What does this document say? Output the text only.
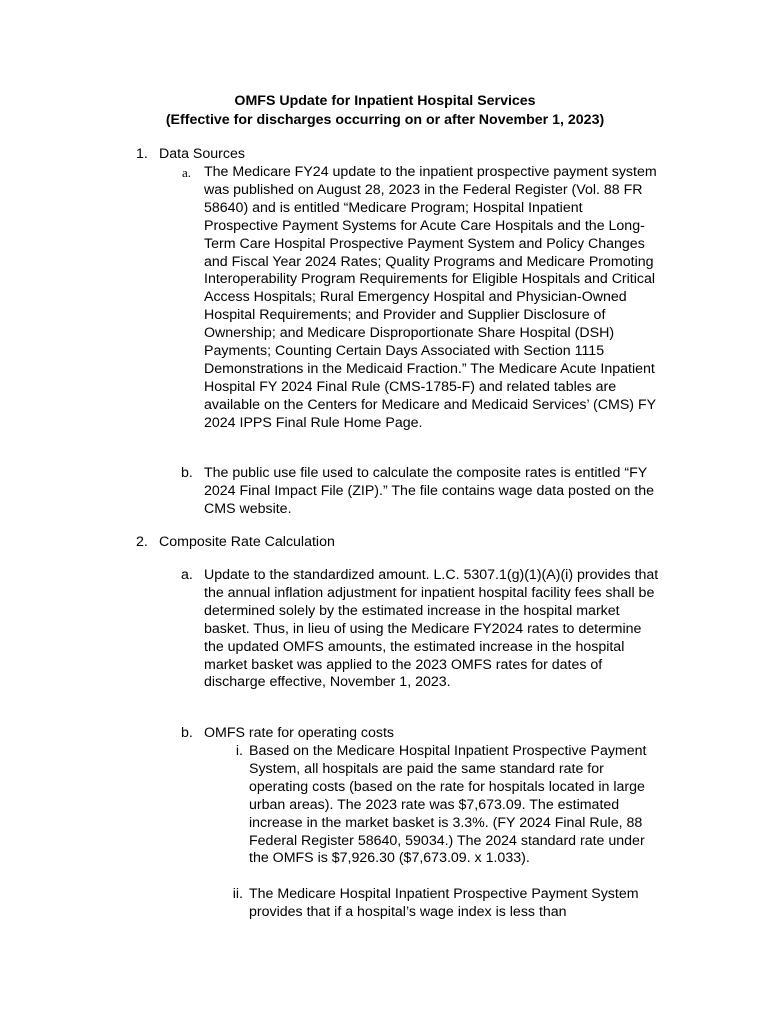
OMFS Update for Inpatient Hospital Services
(Effective for discharges occurring on or after November 1, 2023)
1. Data Sources
a. The Medicare FY24 update to the inpatient prospective payment system was published on August 28, 2023 in the Federal Register (Vol. 88 FR 58640) and is entitled “Medicare Program; Hospital Inpatient Prospective Payment Systems for Acute Care Hospitals and the Long-Term Care Hospital Prospective Payment System and Policy Changes and Fiscal Year 2024 Rates; Quality Programs and Medicare Promoting Interoperability Program Requirements for Eligible Hospitals and Critical Access Hospitals; Rural Emergency Hospital and Physician-Owned Hospital Requirements; and Provider and Supplier Disclosure of Ownership; and Medicare Disproportionate Share Hospital (DSH) Payments; Counting Certain Days Associated with Section 1115 Demonstrations in the Medicaid Fraction.” The Medicare Acute Inpatient Hospital FY 2024 Final Rule (CMS-1785-F) and related tables are available on the Centers for Medicare and Medicaid Services’ (CMS) FY 2024 IPPS Final Rule Home Page.
b. The public use file used to calculate the composite rates is entitled “FY 2024 Final Impact File (ZIP).” The file contains wage data posted on the CMS website.
2. Composite Rate Calculation
a. Update to the standardized amount. L.C. 5307.1(g)(1)(A)(i) provides that the annual inflation adjustment for inpatient hospital facility fees shall be determined solely by the estimated increase in the hospital market basket. Thus, in lieu of using the Medicare FY2024 rates to determine the updated OMFS amounts, the estimated increase in the hospital market basket was applied to the 2023 OMFS rates for dates of discharge effective, November 1, 2023.
b. OMFS rate for operating costs
i. Based on the Medicare Hospital Inpatient Prospective Payment System, all hospitals are paid the same standard rate for operating costs (based on the rate for hospitals located in large urban areas). The 2023 rate was $7,673.09. The estimated increase in the market basket is 3.3%. (FY 2024 Final Rule, 88 Federal Register 58640, 59034.) The 2024 standard rate under the OMFS is $7,926.30 ($7,673.09. x 1.033).
ii. The Medicare Hospital Inpatient Prospective Payment System provides that if a hospital’s wage index is less than
